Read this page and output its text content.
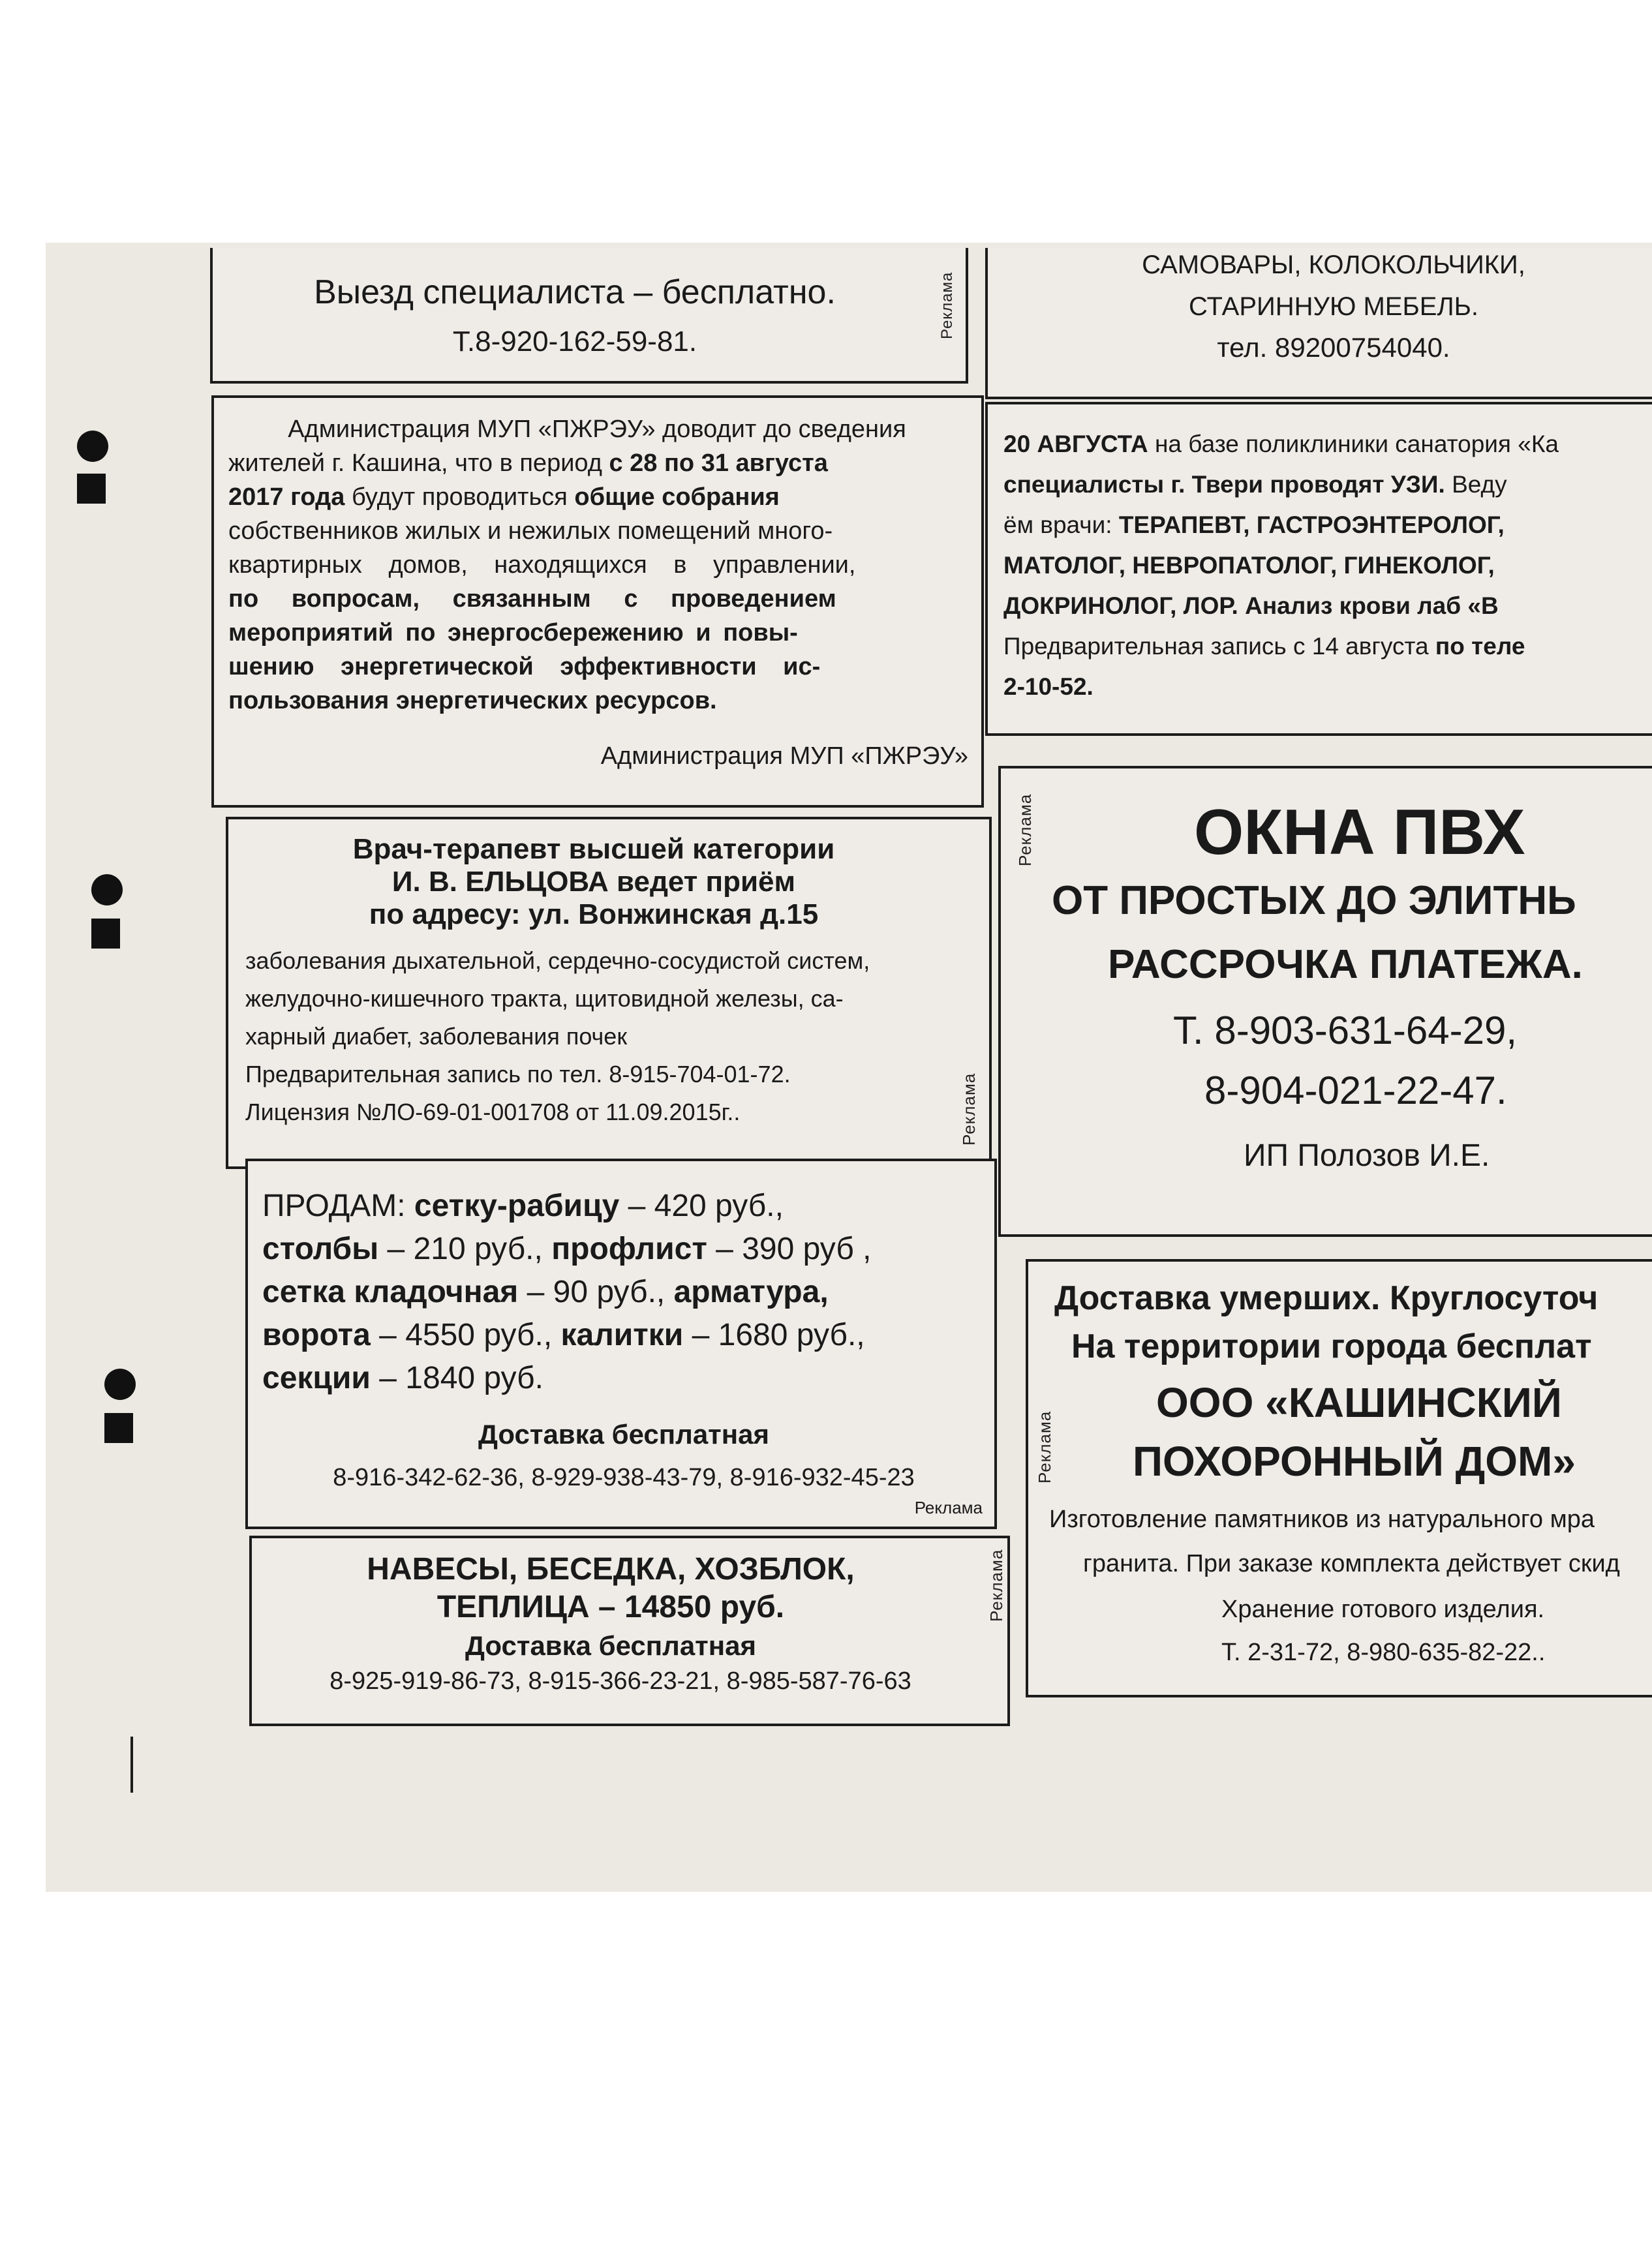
Выезд специалиста – бесплатно.
Т.8-920-162-59-81.
Реклама
САМОВАРЫ, КОЛОКОЛЬЧИКИ,
СТАРИННУЮ МЕБЕЛЬ.
тел. 89200754040.
Администрация МУП «ПЖРЭУ» доводит до сведения
жителей г. Кашина, что в период с 28 по 31 августа
2017 года будут проводиться общие собрания
собственников жилых и нежилых помещений много-
квартирных домов, находящихся в управлении,
по вопросам, связанным с проведением
мероприятий по энергосбережению и повы-
шению энергетической эффективности ис-
пользования энергетических ресурсов.
Администрация МУП «ПЖРЭУ»
20 АВГУСТА на базе поликлиники санатория «Ка
специалисты г. Твери проводят УЗИ. Веду
ём врачи: ТЕРАПЕВТ, ГАСТРОЭНТЕРОЛОГ,
МАТОЛОГ, НЕВРОПАТОЛОГ, ГИНЕКОЛОГ,
ДОКРИНОЛОГ, ЛОР. Анализ крови лаб «В
Предварительная запись с 14 августа по теле
2-10-52.
Врач-терапевт высшей категории
И. В. ЕЛЬЦОВА ведет приём
по адресу: ул. Вонжинская д.15
заболевания дыхательной, сердечно-сосудистой систем,
желудочно-кишечного тракта, щитовидной железы, са-
харный диабет, заболевания почек
Предварительная запись по тел. 8-915-704-01-72.
Лицензия №ЛО-69-01-001708 от 11.09.2015г..	Реклама
ОКНА ПВХ
ОТ ПРОСТЫХ ДО ЭЛИТНЬ
РАССРОЧКА ПЛАТЕЖА.
Т. 8-903-631-64-29,
8-904-021-22-47.
ИП Полозов И.Е.
Реклама
ПРОДАМ: сетку-рабицу – 420 руб.,
столбы – 210 руб., профлист – 390 руб ,
сетка кладочная – 90 руб., арматура,
ворота – 4550 руб., калитки – 1680 руб.,
секции – 1840 руб.
Доставка бесплатная
8-916-342-62-36, 8-929-938-43-79, 8-916-932-45-23
Реклама
Доставка умерших. Круглосуточ
На территории города бесплат
ООО «КАШИНСКИЙ
ПОХОРОННЫЙ ДОМ»
Изготовление памятников из натурального мра
гранита. При заказе комплекта действует скид
Хранение готового изделия.
Т. 2-31-72, 8-980-635-82-22..
Реклама
НАВЕСЫ, БЕСЕДКА, ХОЗБЛОК,
ТЕПЛИЦА – 14850 руб.
Доставка бесплатная
8-925-919-86-73, 8-915-366-23-21, 8-985-587-76-63
Реклама
